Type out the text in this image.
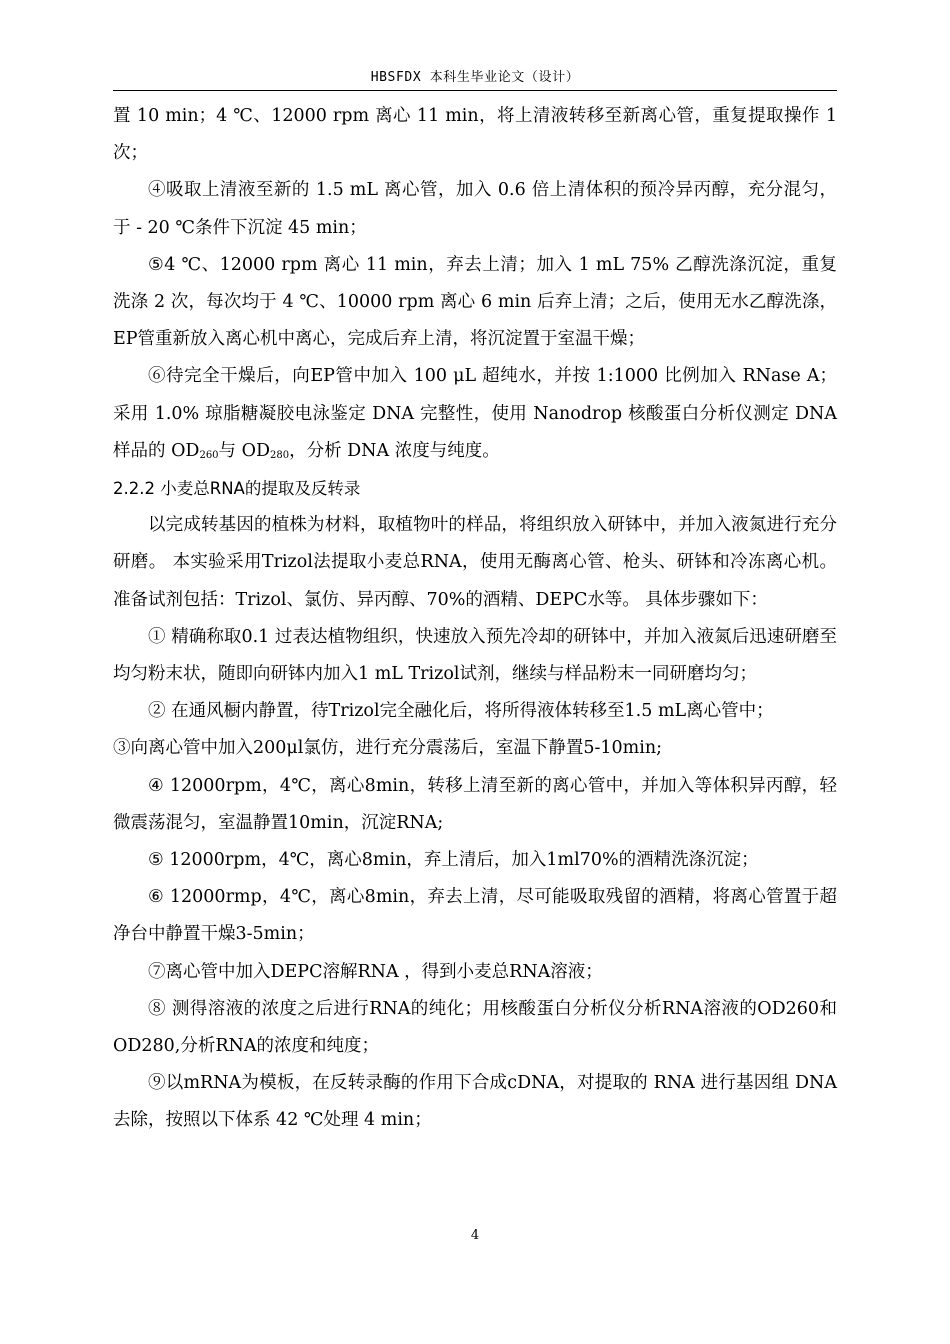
HBSFDX 本科生毕业论文（设计）

置 10 min；4 ℃、12000 rpm 离心 11 min，将上清液转移至新离心管，重复提取操作 1 次；

④吸取上清液至新的 1.5 mL 离心管，加入 0.6 倍上清体积的预冷异丙醇，充分混匀，于 - 20 ℃条件下沉淀 45 min；

⑤4 ℃、12000 rpm 离心 11 min，弃去上清；加入 1 mL 75% 乙醇洗涤沉淀，重复洗涤 2 次，每次均于 4 ℃、10000 rpm 离心 6 min 后弃上清；之后，使用无水乙醇洗涤，EP管重新放入离心机中离心，完成后弃上清，将沉淀置于室温干燥；

⑥待完全干燥后，向EP管中加入 100 μL 超纯水，并按 1:1000 比例加入 RNase A；采用 1.0% 琼脂糖凝胶电泳鉴定 DNA 完整性，使用 Nanodrop 核酸蛋白分析仪测定 DNA 样品的 $OD_{260}$与 $OD_{280}$，分析 DNA 浓度与纯度。

2.2.2 小麦总RNA的提取及反转录

以完成转基因的植株为材料，取植物叶的样品，将组织放入研钵中，并加入液氮进行充分研磨。 本实验采用Trizol法提取小麦总RNA，使用无酶离心管、枪头、研钵和冷冻离心机。 准备试剂包括：Trizol、氯仿、异丙醇、70%的酒精、DEPC水等。 具体步骤如下：

① 精确称取0.1 过表达植物组织，快速放入预先冷却的研钵中，并加入液氮后迅速研磨至均匀粉末状，随即向研钵内加入1 mL Trizol试剂，继续与样品粉末一同研磨均匀；

② 在通风橱内静置，待Trizol完全融化后，将所得液体转移至1.5 mL离心管中；

③向离心管中加入200μl氯仿，进行充分震荡后，室温下静置5-10min;

④ 12000rpm，4℃，离心8min，转移上清至新的离心管中，并加入等体积异丙醇，轻微震荡混匀，室温静置10min，沉淀RNA;

⑤ 12000rpm，4℃，离心8min，弃上清后，加入1ml70%的酒精洗涤沉淀；

⑥ 12000rmp，4℃，离心8min，弃去上清，尽可能吸取残留的酒精，将离心管置于超净台中静置干燥3-5min；

⑦离心管中加入DEPC溶解RNA ，得到小麦总RNA溶液；

⑧ 测得溶液的浓度之后进行RNA的纯化；用核酸蛋白分析仪分析RNA溶液的OD260和OD280,分析RNA的浓度和纯度；

⑨以mRNA为模板，在反转录酶的作用下合成cDNA，对提取的 RNA 进行基因组 DNA 去除，按照以下体系 42 ℃处理 4 min；

4
